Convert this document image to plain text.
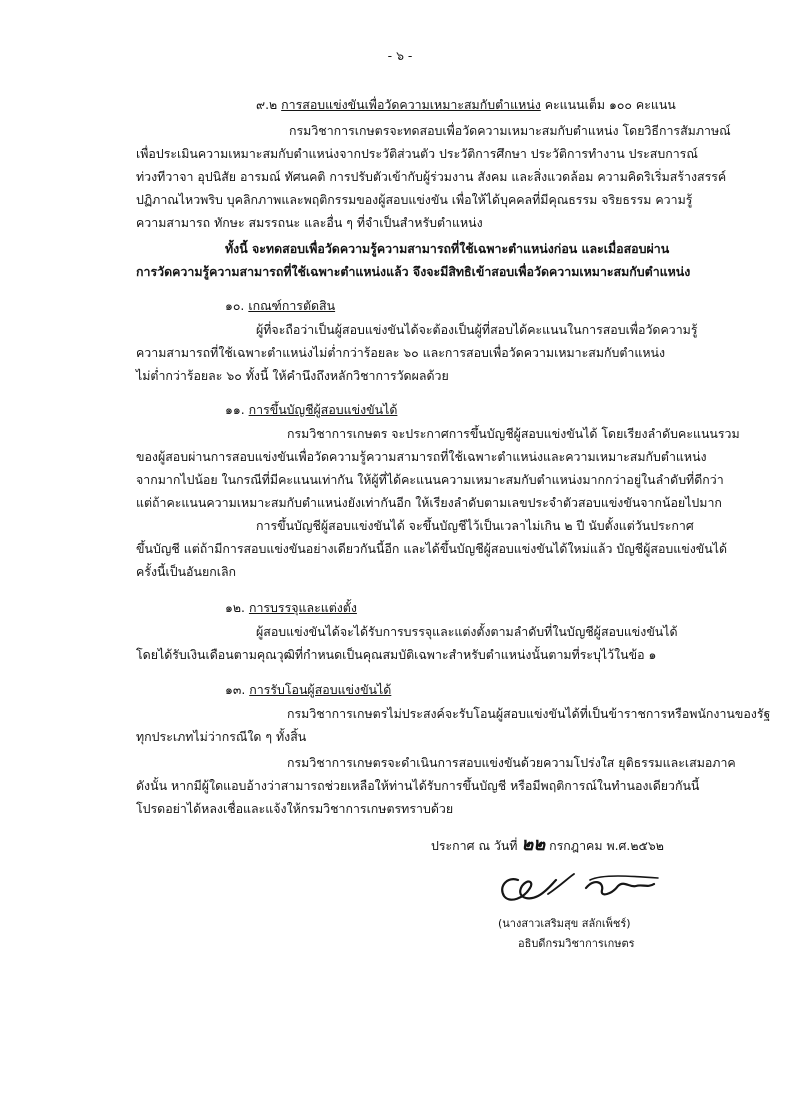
- ๖ -
๙.๒ การสอบแข่งขันเพื่อวัดความเหมาะสมกับตำแหน่ง คะแนนเต็ม ๑๐๐ คะแนน
กรมวิชาการเกษตรจะทดสอบเพื่อวัดความเหมาะสมกับตำแหน่ง โดยวิธีการสัมภาษณ์
เพื่อประเมินความเหมาะสมกับตำแหน่งจากประวัติส่วนตัว ประวัติการศึกษา ประวัติการทำงาน ประสบการณ์
ท่วงทีวาจา อุปนิสัย อารมณ์ ทัศนคติ การปรับตัวเข้ากับผู้ร่วมงาน สังคม และสิ่งแวดล้อม ความคิดริเริ่มสร้างสรรค์
ปฏิภาณไหวพริบ บุคลิกภาพและพฤติกรรมของผู้สอบแข่งขัน เพื่อให้ได้บุคคลที่มีคุณธรรม จริยธรรม ความรู้
ความสามารถ ทักษะ สมรรถนะ และอื่น ๆ ที่จำเป็นสำหรับตำแหน่ง
ทั้งนี้ จะทดสอบเพื่อวัดความรู้ความสามารถที่ใช้เฉพาะตำแหน่งก่อน และเมื่อสอบผ่าน
การวัดความรู้ความสามารถที่ใช้เฉพาะตำแหน่งแล้ว จึงจะมีสิทธิเข้าสอบเพื่อวัดความเหมาะสมกับตำแหน่ง
๑๐. เกณฑ์การตัดสิน
ผู้ที่จะถือว่าเป็นผู้สอบแข่งขันได้จะต้องเป็นผู้ที่สอบได้คะแนนในการสอบเพื่อวัดความรู้
ความสามารถที่ใช้เฉพาะตำแหน่งไม่ต่ำกว่าร้อยละ ๖๐ และการสอบเพื่อวัดความเหมาะสมกับตำแหน่ง
ไม่ต่ำกว่าร้อยละ ๖๐ ทั้งนี้ ให้คำนึงถึงหลักวิชาการวัดผลด้วย
๑๑. การขึ้นบัญชีผู้สอบแข่งขันได้
กรมวิชาการเกษตร จะประกาศการขึ้นบัญชีผู้สอบแข่งขันได้ โดยเรียงลำดับคะแนนรวม
ของผู้สอบผ่านการสอบแข่งขันเพื่อวัดความรู้ความสามารถที่ใช้เฉพาะตำแหน่งและความเหมาะสมกับตำแหน่ง
จากมากไปน้อย ในกรณีที่มีคะแนนเท่ากัน ให้ผู้ที่ได้คะแนนความเหมาะสมกับตำแหน่งมากกว่าอยู่ในลำดับที่ดีกว่า
แต่ถ้าคะแนนความเหมาะสมกับตำแหน่งยังเท่ากันอีก ให้เรียงลำดับตามเลขประจำตัวสอบแข่งขันจากน้อยไปมาก
การขึ้นบัญชีผู้สอบแข่งขันได้ จะขึ้นบัญชีไว้เป็นเวลาไม่เกิน ๒ ปี นับตั้งแต่วันประกาศ
ขึ้นบัญชี แต่ถ้ามีการสอบแข่งขันอย่างเดียวกันนี้อีก และได้ขึ้นบัญชีผู้สอบแข่งขันได้ใหม่แล้ว บัญชีผู้สอบแข่งขันได้
ครั้งนี้เป็นอันยกเลิก
๑๒. การบรรจุและแต่งตั้ง
ผู้สอบแข่งขันได้จะได้รับการบรรจุและแต่งตั้งตามลำดับที่ในบัญชีผู้สอบแข่งขันได้
โดยได้รับเงินเดือนตามคุณวุฒิที่กำหนดเป็นคุณสมบัติเฉพาะสำหรับตำแหน่งนั้นตามที่ระบุไว้ในข้อ ๑
๑๓. การรับโอนผู้สอบแข่งขันได้
กรมวิชาการเกษตรไม่ประสงค์จะรับโอนผู้สอบแข่งขันได้ที่เป็นข้าราชการหรือพนักงานของรัฐ
ทุกประเภทไม่ว่ากรณีใด ๆ ทั้งสิ้น
กรมวิชาการเกษตรจะดำเนินการสอบแข่งขันด้วยความโปร่งใส ยุติธรรมและเสมอภาค
ดังนั้น หากมีผู้ใดแอบอ้างว่าสามารถช่วยเหลือให้ท่านได้รับการขึ้นบัญชี หรือมีพฤติการณ์ในทำนองเดียวกันนี้
โปรดอย่าได้หลงเชื่อและแจ้งให้กรมวิชาการเกษตรทราบด้วย
ประกาศ ณ วันที่ ๒๒ กรกฎาคม พ.ศ.๒๕๖๒
(นางสาวเสริมสุข สลักเพ็ชร์)
อธิบดีกรมวิชาการเกษตร
